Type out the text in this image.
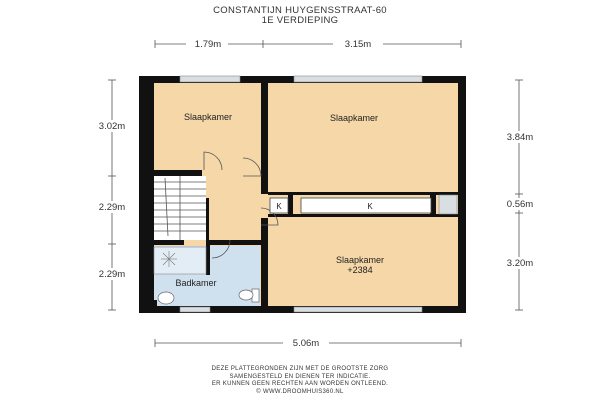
CONSTANTIJN HUYGENSSTRAAT-60
1E VERDIEPING
1.79m	3.15m
3.02m
2.29m
2.29m
3.84m
0.56m
3.20m
5.06m
K	K
Slaapkamer	Slaapkamer
Slaapkamer
+2384
Badkamer
DEZE PLATTEGRONDEN ZIJN MET DE GROOTSTE ZORG
SAMENGESTELD EN DIENEN TER INDICATIE.
ER KUNNEN GEEN RECHTEN AAN WORDEN ONTLEEND.
© WWW.DROOMHUIS360.NL
